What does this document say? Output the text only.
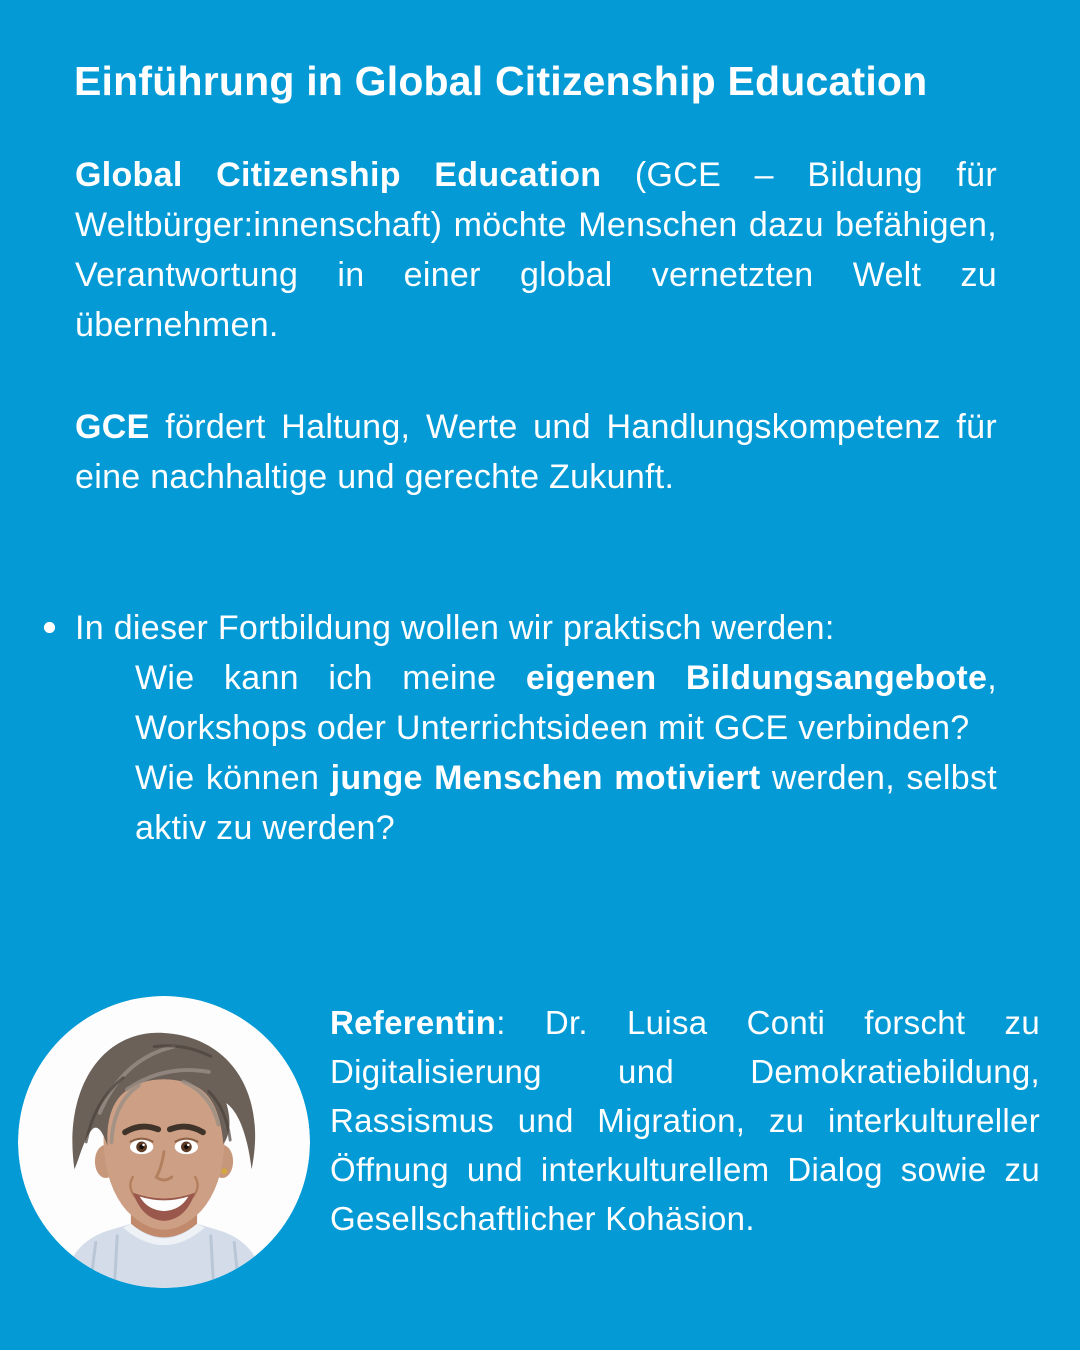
Einführung in Global Citizenship Education

Global Citizenship Education (GCE – Bildung für Weltbürger:innenschaft) möchte Menschen dazu befähigen, Verantwortung in einer global vernetzten Welt zu übernehmen.

GCE fördert Haltung, Werte und Handlungskompetenz für eine nachhaltige und gerechte Zukunft.

In dieser Fortbildung wollen wir praktisch werden:

Wie kann ich meine eigenen Bildungsangebote, Workshops oder Unterrichtsideen mit GCE verbinden?
Wie können junge Menschen motiviert werden, selbst aktiv zu werden?

Referentin: Dr. Luisa Conti forscht zu Digitalisierung und Demokratiebildung, Rassismus und Migration, zu interkultureller Öffnung und interkulturellem Dialog sowie zu Gesellschaftlicher Kohäsion.
